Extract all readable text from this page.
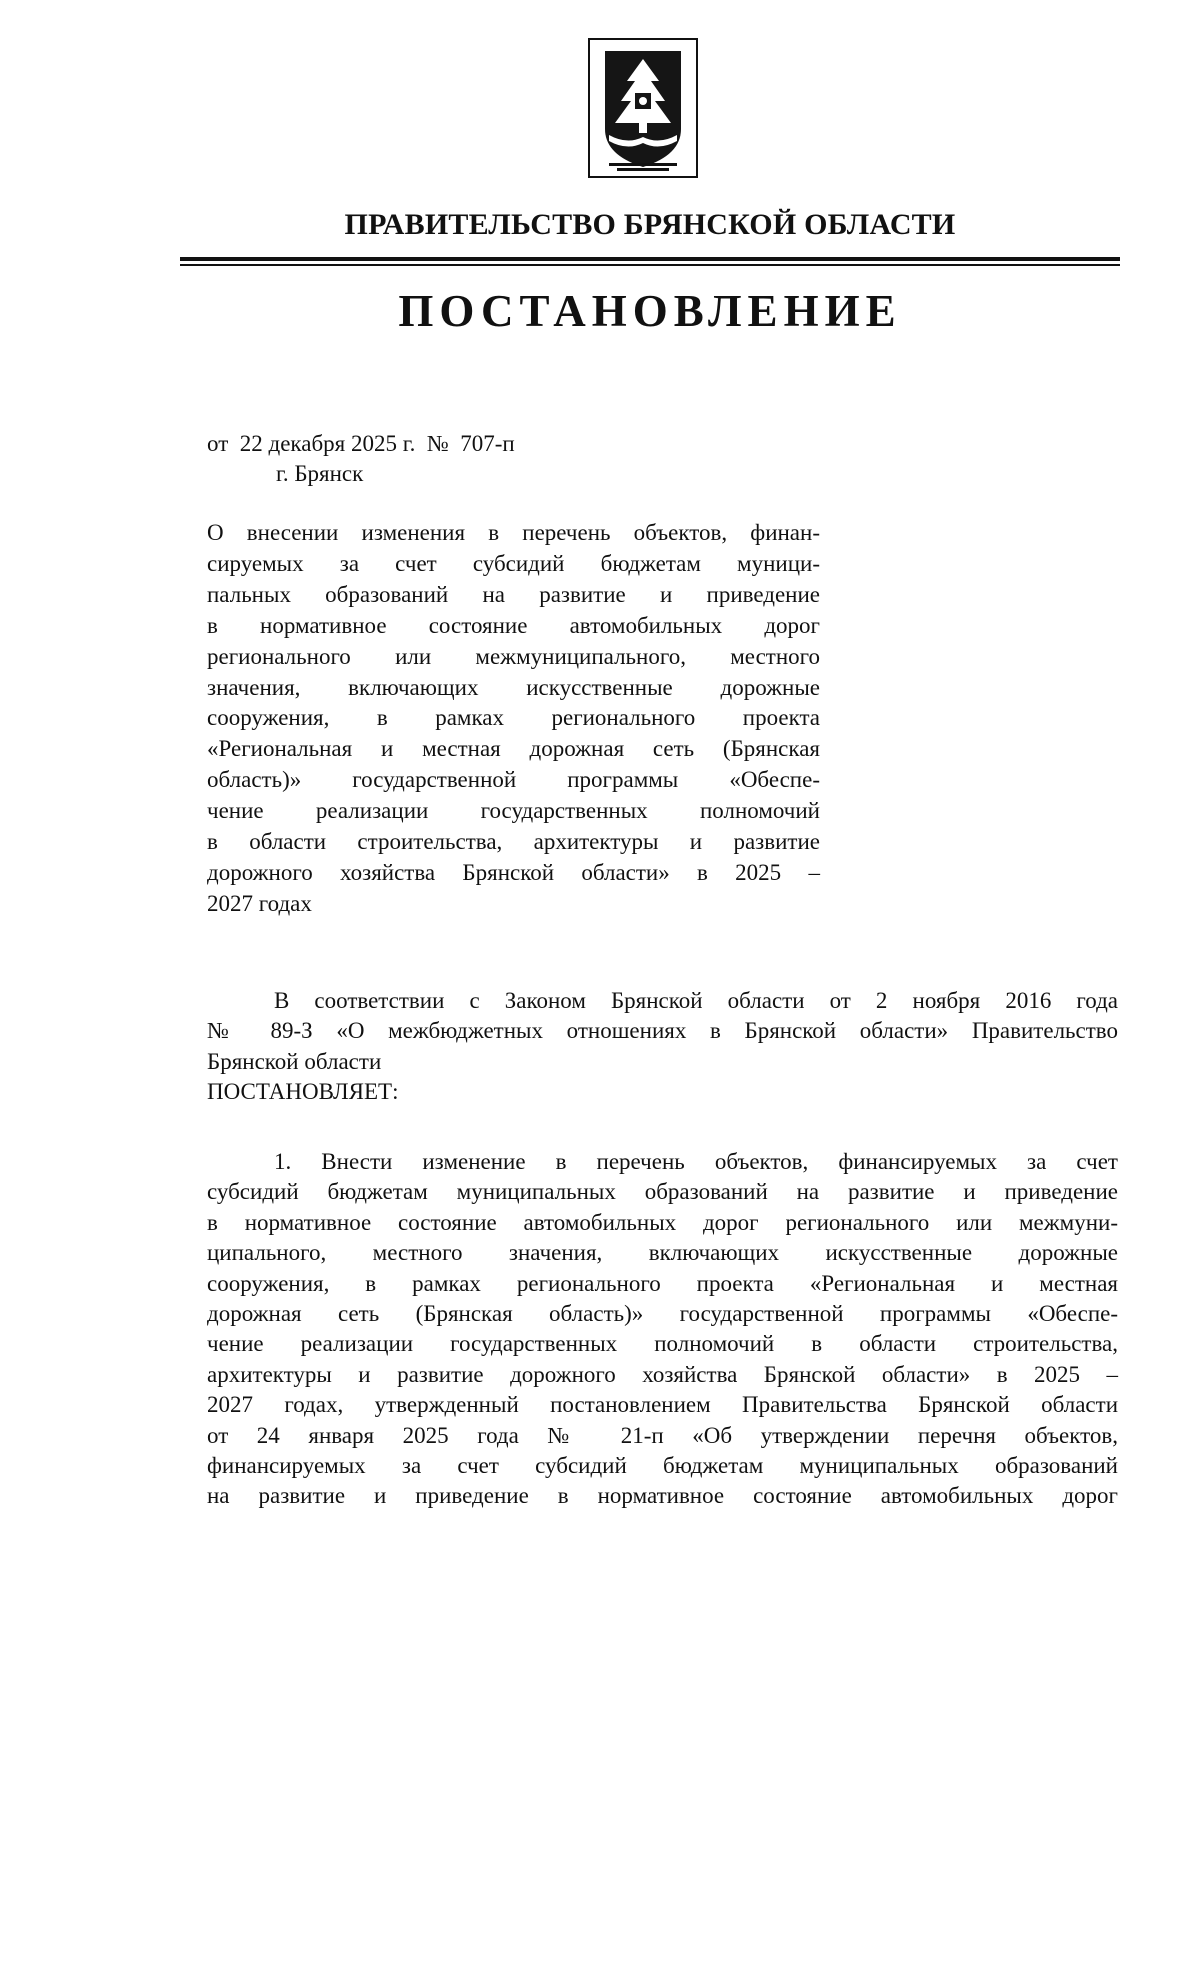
ПРАВИТЕЛЬСТВО БРЯНСКОЙ ОБЛАСТИ
ПОСТАНОВЛЕНИЕ
от  22 декабря 2025 г.  №  707-п
г. Брянск
О внесении изменения в перечень объектов, финан-
сируемых за счет субсидий бюджетам муници-
пальных образований на развитие и приведение
в нормативное состояние автомобильных дорог
регионального или межмуниципального, местного
значения, включающих искусственные дорожные
сооружения, в рамках регионального проекта
«Региональная и местная дорожная сеть (Брянская
область)» государственной программы «Обеспе-
чение реализации государственных полномочий
в области строительства, архитектуры и развитие
дорожного хозяйства Брянской области» в 2025 –
2027 годах
В соответствии с Законом Брянской области от 2 ноября 2016 года
№ 89-З «О межбюджетных отношениях в Брянской области» Правительство
Брянской области
ПОСТАНОВЛЯЕТ:
1. Внести изменение в перечень объектов, финансируемых за счет
субсидий бюджетам муниципальных образований на развитие и приведение
в нормативное состояние автомобильных дорог регионального или межмуни-
ципального, местного значения, включающих искусственные дорожные
сооружения, в рамках регионального проекта «Региональная и местная
дорожная сеть (Брянская область)» государственной программы «Обеспе-
чение реализации государственных полномочий в области строительства,
архитектуры и развитие дорожного хозяйства Брянской области» в 2025 –
2027 годах, утвержденный постановлением Правительства Брянской области
от 24 января 2025 года № 21-п «Об утверждении перечня объектов,
финансируемых за счет субсидий бюджетам муниципальных образований
на развитие и приведение в нормативное состояние автомобильных дорог
